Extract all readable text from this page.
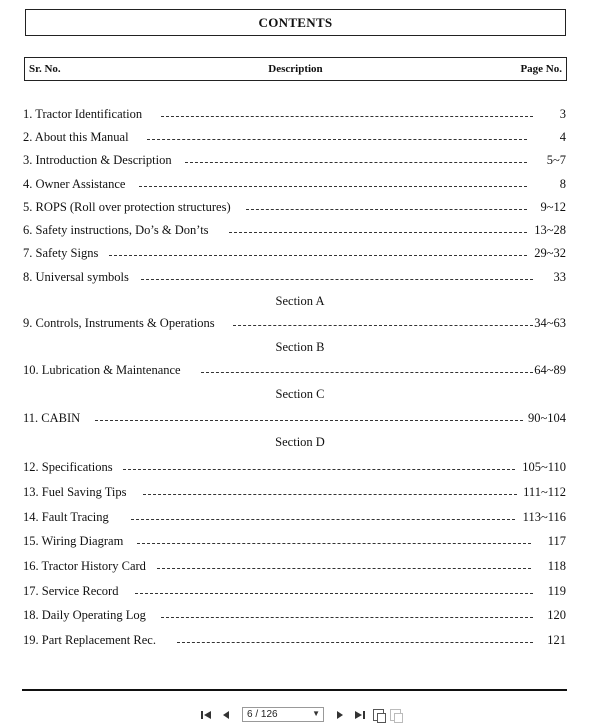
CONTENTS
Sr. No.	Description	Page No.
1. Tractor Identification	3
2. About this Manual	4
3. Introduction & Description	5~7
4. Owner Assistance	8
5. ROPS (Roll over protection structures)	9~12
6. Safety instructions, Do’s & Don’ts	13~28
7. Safety Signs	29~32
8. Universal symbols	33
Section A
9. Controls, Instruments & Operations	34~63
Section B
10. Lubrication & Maintenance	64~89
Section C
11. CABIN	90~104
Section D
12. Specifications	105~110
13. Fuel Saving Tips	111~112
14. Fault Tracing	113~116
15. Wiring Diagram	117
16. Tractor History Card	118
17. Service Record	119
18. Daily Operating Log	120
19. Part Replacement Rec.	121
6 / 126	▼
